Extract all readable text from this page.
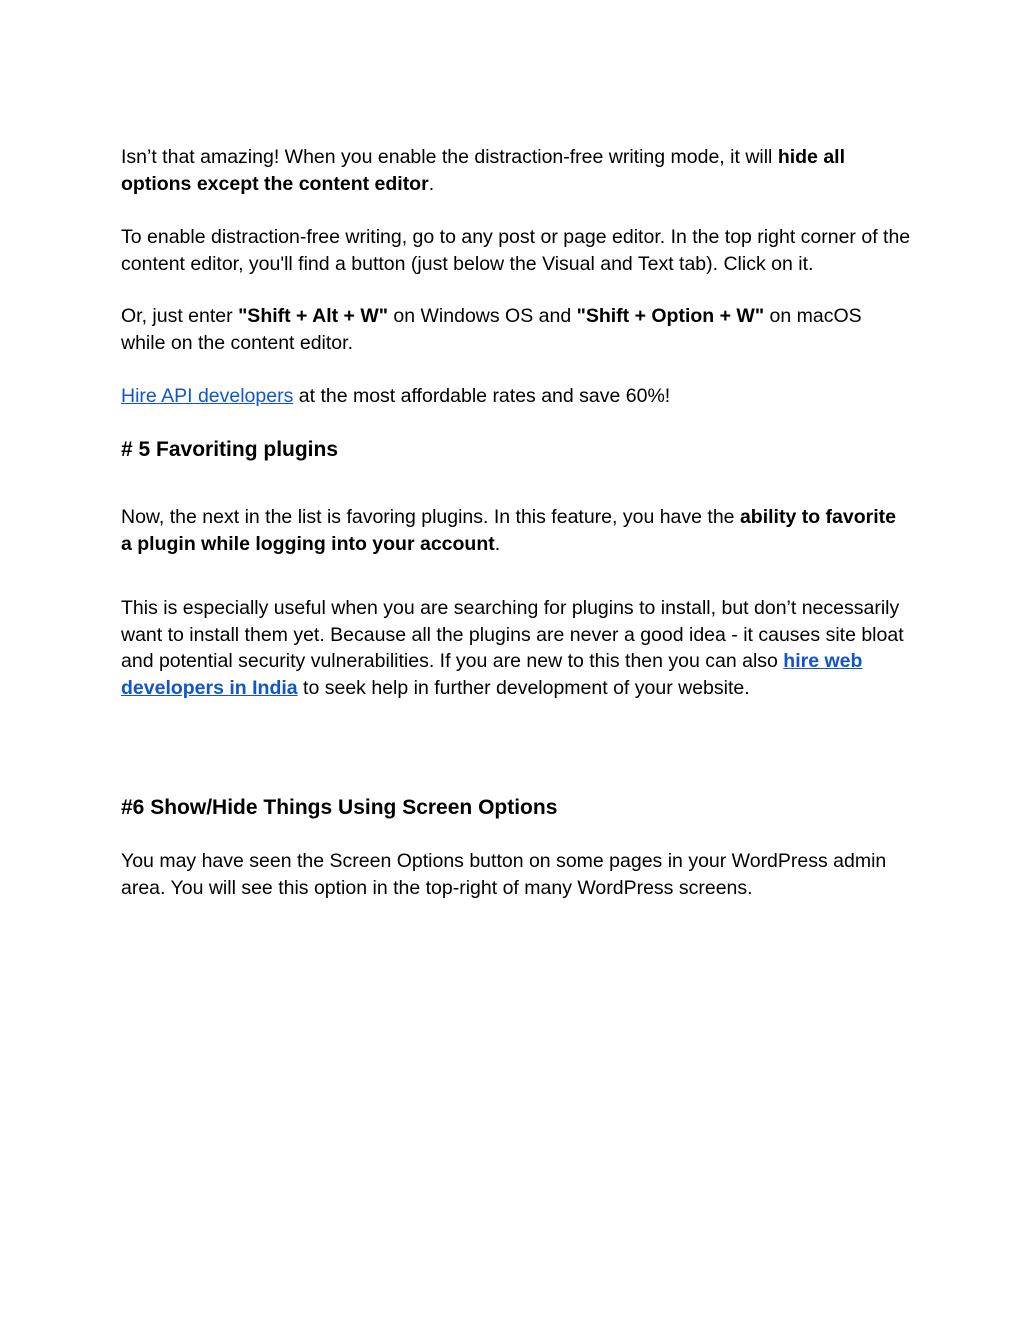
Isn’t that amazing! When you enable the distraction-free writing mode, it will hide all options except the content editor.

To enable distraction-free writing, go to any post or page editor. In the top right corner of the content editor, you'll find a button (just below the Visual and Text tab). Click on it.

Or, just enter "Shift + Alt + W" on Windows OS and "Shift + Option + W" on macOS while on the content editor.

Hire API developers at the most affordable rates and save 60%!

# 5 Favoriting plugins

Now, the next in the list is favoring plugins. In this feature, you have the ability to favorite a plugin while logging into your account.

This is especially useful when you are searching for plugins to install, but don’t necessarily want to install them yet. Because all the plugins are never a good idea - it causes site bloat and potential security vulnerabilities. If you are new to this then you can also hire web developers in India to seek help in further development of your website.

#6 Show/Hide Things Using Screen Options

You may have seen the Screen Options button on some pages in your WordPress admin area. You will see this option in the top-right of many WordPress screens.
